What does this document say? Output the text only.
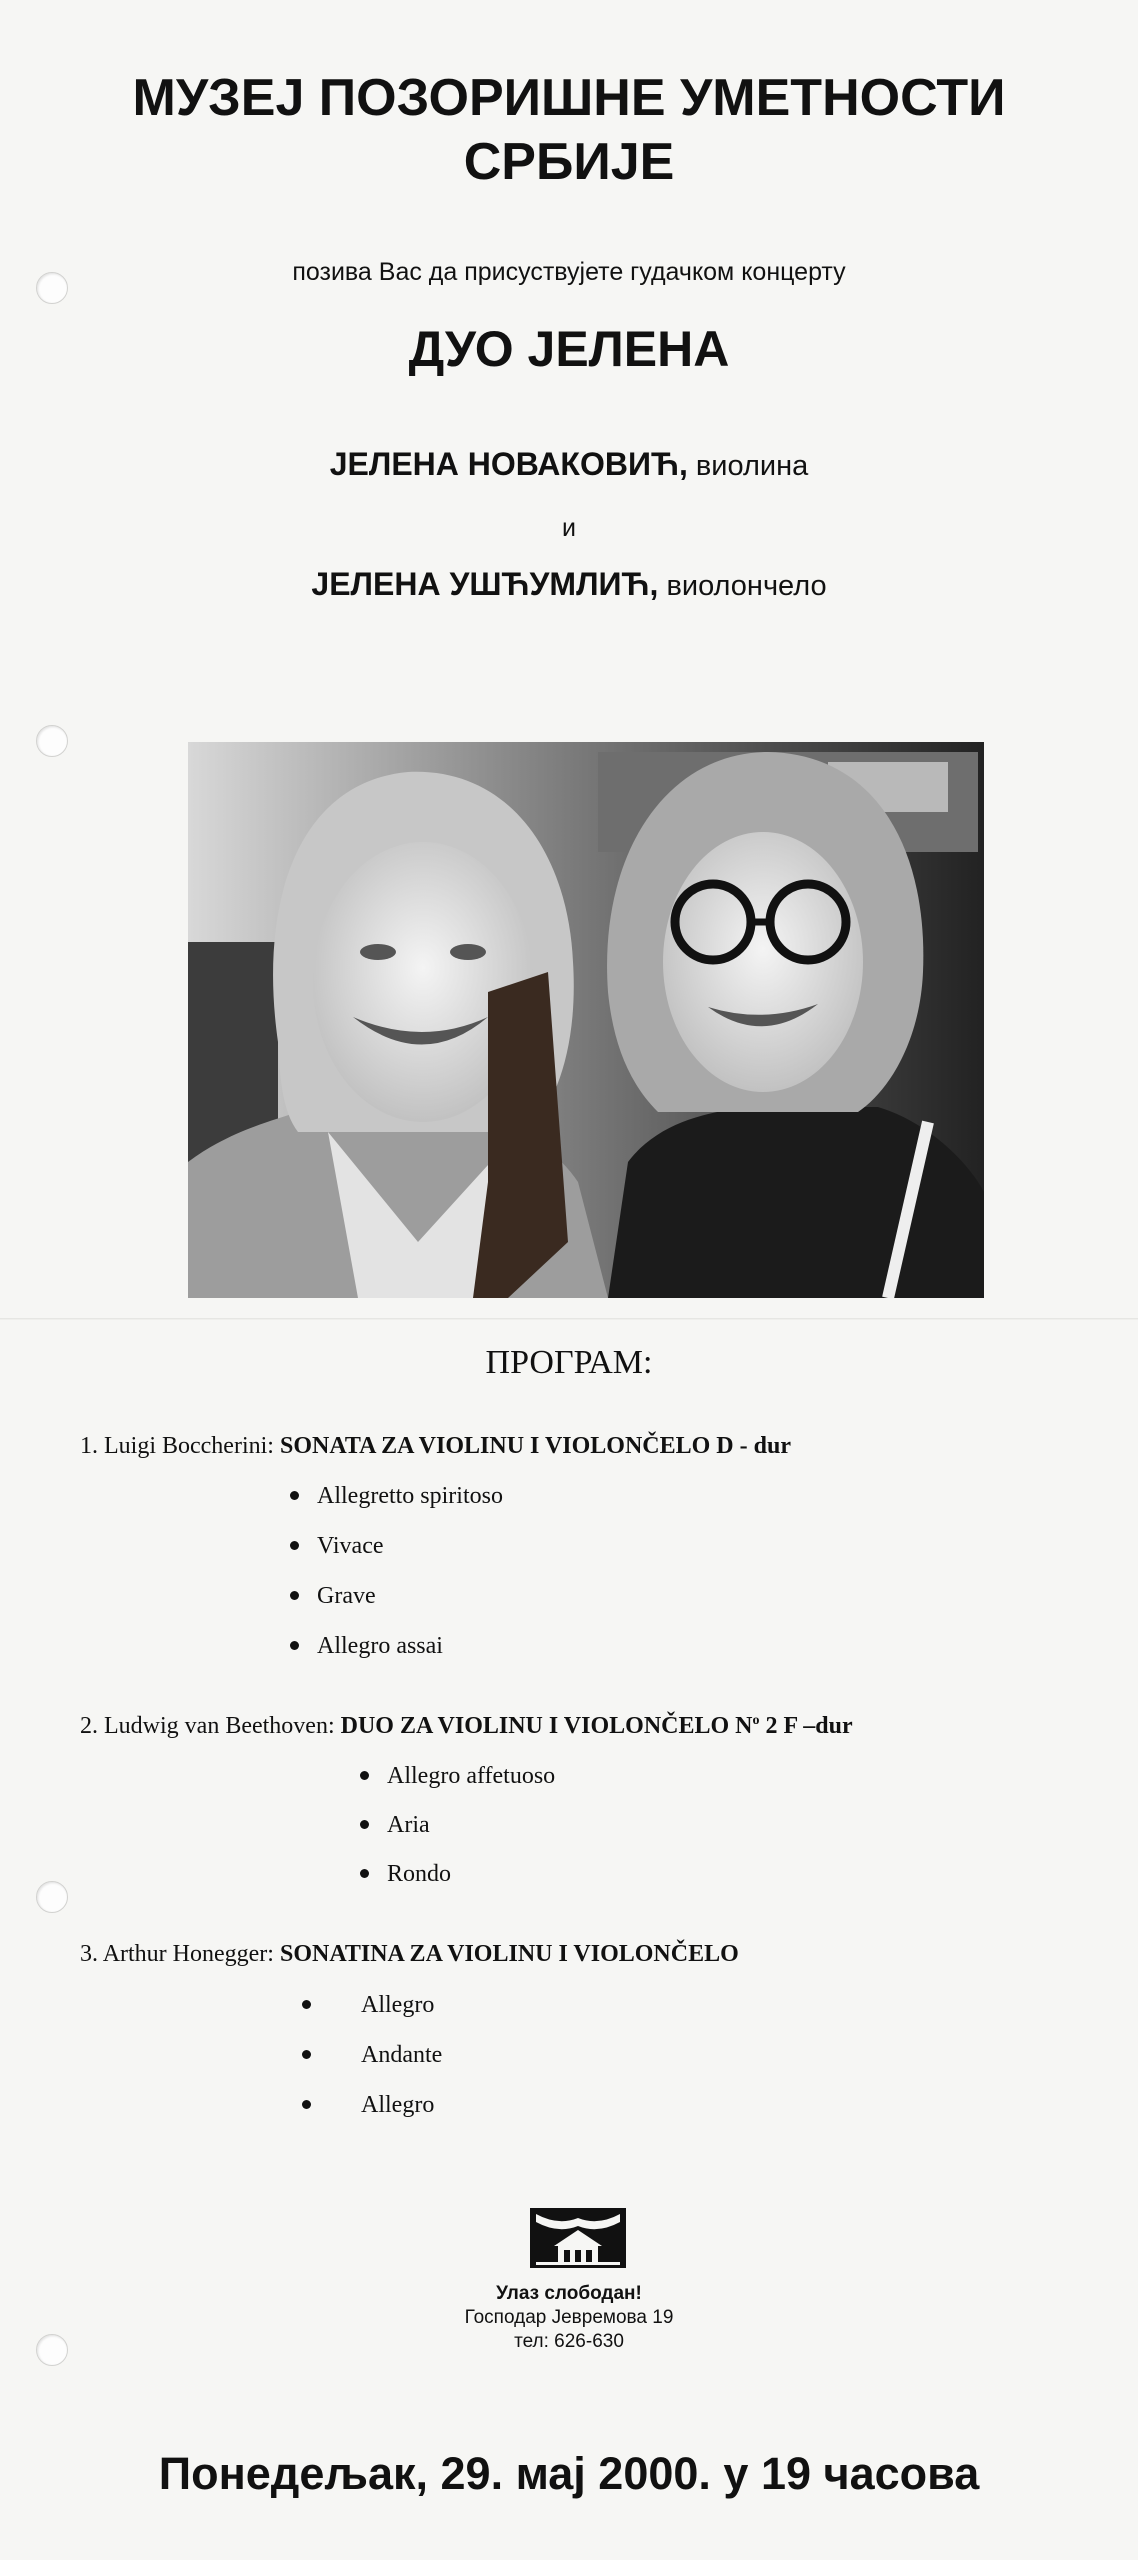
МУЗЕЈ ПОЗОРИШНЕ УМЕТНОСТИ
СРБИЈЕ
позива Вас да присуствујете гудачком концерту
ДУО ЈЕЛЕНА
ЈЕЛЕНА НОВАКОВИЋ, виолина
и
ЈЕЛЕНА УШЋУМЛИЋ, виолончело
ПРОГРАМ:
1. Luigi Boccherini: SONATA ZA VIOLINU I VIOLONČELO D - dur
Allegretto spiritoso
Vivace
Grave
Allegro assai
2. Ludwig van Beethoven: DUO ZA VIOLINU I VIOLONČELO $N^o$ 2 F –dur
Allegro affetuoso
Aria
Rondo
3. Arthur Honegger: SONATINA ZA VIOLINU I VIOLONČELO
Allegro
Andante
Allegro
Улаз слободан!
Господар Јевремова 19
тел: 626-630
Понедељак, 29. мај 2000. у 19 часова
